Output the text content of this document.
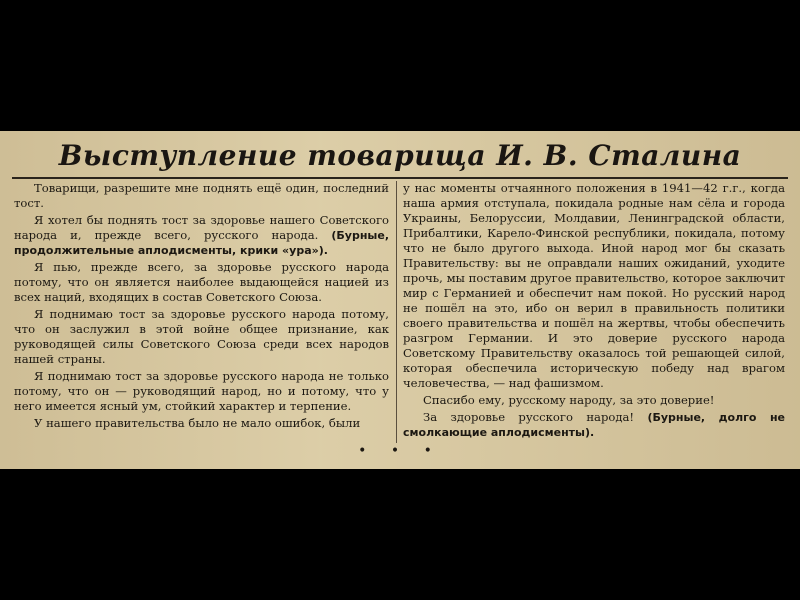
Выступление товарища И. В. Сталина

Товарищи, разрешите мне поднять ещё один, последний тост.

Я хотел бы поднять тост за здоровье нашего Советского народа и, прежде всего, русского народа. (Бурные, продолжительные аплодисменты, крики «ура»).

Я пью, прежде всего, за здоровье русского народа потому, что он является наиболее выдающейся нацией из всех наций, входящих в состав Советского Союза.

Я поднимаю тост за здоровье русского народа потому, что он заслужил в этой войне общее признание, как руководящей силы Советского Союза среди всех народов нашей страны.

Я поднимаю тост за здоровье русского народа не только потому, что он — руководящий народ, но и потому, что у него имеется ясный ум, стойкий характер и терпение.

У нашего правительства было не мало ошибок, были

у нас моменты отчаянного положения в 1941—42 г.г., когда наша армия отступала, покидала родные нам сёла и города Украины, Белоруссии, Молдавии, Ленинградской области, Прибалтики, Карело-Финской республики, покидала, потому что не было другого выхода. Иной народ мог бы сказать Правительству: вы не оправдали наших ожиданий, уходите прочь, мы поставим другое правительство, которое заключит мир с Германией и обеспечит нам покой. Но русский народ не пошёл на это, ибо он верил в правильность политики своего правительства и пошёл на жертвы, чтобы обеспечить разгром Германии. И это доверие русского народа Советскому Правительству оказалось той решающей силой, которая обеспечила историческую победу над врагом человечества, — над фашизмом.

Спасибо ему, русскому народу, за это доверие!

За здоровье русского народа! (Бурные, долго не смолкающие аплодисменты).

• • •
